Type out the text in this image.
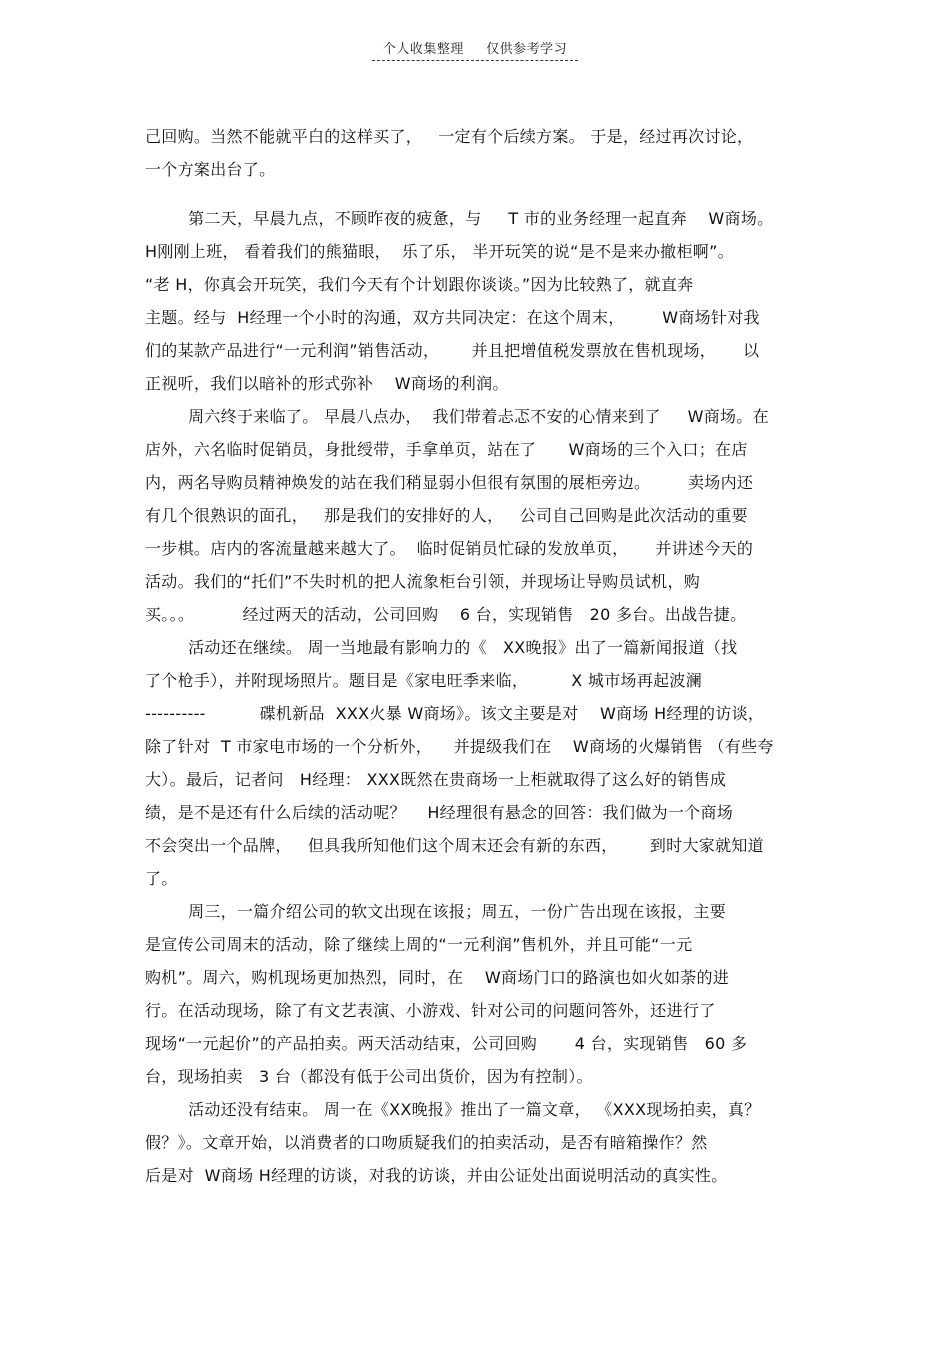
个人收集整理 仅供参考学习
己回购。当然不能就平白的这样买了，   一定有个后续方案。 于是，经过再次讨论，
一个方案出台了。
第二天，早晨九点，不顾昨夜的疲惫，与     T 市的业务经理一起直奔    W商场。
H刚刚上班， 看着我们的熊猫眼，  乐了乐， 半开玩笑的说“是不是来办撤柜啊”。
“老 H，你真会开玩笑，我们今天有个计划跟你谈谈。”因为比较熟了，就直奔
主题。经与  H经理一个小时的沟通，双方共同决定：在这个周末，       W商场针对我
们的某款产品进行“一元利润”销售活动，      并且把增值税发票放在售机现场，     以
正视听，我们以暗补的形式弥补    W商场的利润。
周六终于来临了。 早晨八点办，  我们带着忐忑不安的心情来到了     W商场。在
店外，六名临时促销员，身批绶带，手拿单页，站在了      W商场的三个入口；在店
内，两名导购员精神焕发的站在我们稍显弱小但很有氛围的展柜旁边。       卖场内还
有几个很熟识的面孔，   那是我们的安排好的人，   公司自己回购是此次活动的重要
一步棋。店内的客流量越来越大了。  临时促销员忙碌的发放单页，     并讲述今天的
活动。我们的“托们”不失时机的把人流象柜台引领，并现场让导购员试机，购
买。。。         经过两天的活动，公司回购    6 台，实现销售   20 多台。出战告捷。
活动还在继续。 周一当地最有影响力的《   XX晚报》出了一篇新闻报道（找
了个枪手），并附现场照片。题目是《家电旺季来临，        X 城市场再起波澜
----------          碟机新品  XXX火暴 W商场》。该文主要是对    W商场 H经理的访谈，
除了针对  T 市家电市场的一个分析外，    并提级我们在    W商场的火爆销售 （有些夸
大）。最后，记者问   H经理： XXX既然在贵商场一上柜就取得了这么好的销售成
绩，是不是还有什么后续的活动呢？    H经理很有悬念的回答：我们做为一个商场
不会突出一个品牌，   但具我所知他们这个周末还会有新的东西，      到时大家就知道
了。
周三，一篇介绍公司的软文出现在该报；周五，一份广告出现在该报，主要
是宣传公司周末的活动，除了继续上周的“一元利润”售机外，并且可能“一元
购机”。周六，购机现场更加热烈，同时，在    W商场门口的路演也如火如荼的进
行。在活动现场，除了有文艺表演、小游戏、针对公司的问题问答外，还进行了
现场“一元起价”的产品拍卖。两天活动结束，公司回购       4 台，实现销售   60 多
台，现场拍卖   3 台（都没有低于公司出货价，因为有控制）。
活动还没有结束。 周一在《XX晚报》推出了一篇文章， 《XXX现场拍卖，真？
假？》。文章开始，以消费者的口吻质疑我们的拍卖活动，是否有暗箱操作？然
后是对  W商场 H经理的访谈，对我的访谈，并由公证处出面说明活动的真实性。
